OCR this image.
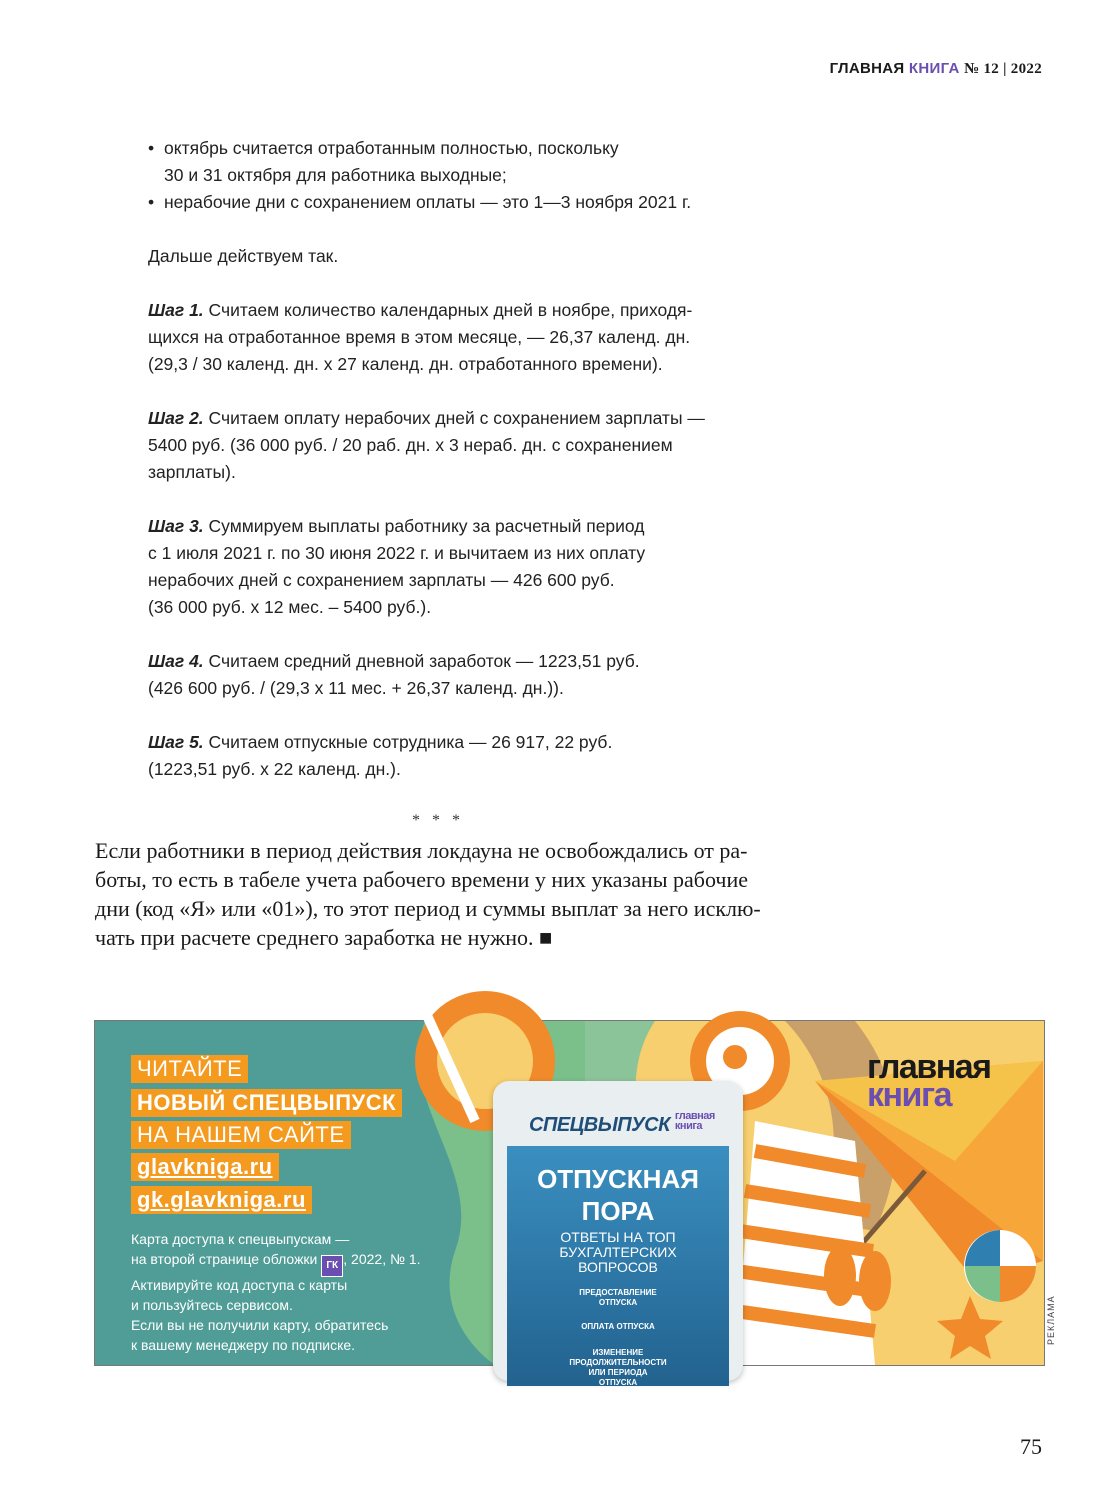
ГЛАВНАЯ КНИГА № 12 | 2022
• октябрь считается отработанным полностью, поскольку
30 и 31 октября для работника выходные;
• нерабочие дни с сохранением оплаты — это 1—3 ноября 2021 г.

Дальше действуем так.

Шаг 1. Считаем количество календарных дней в ноябре, приходя-
щихся на отработанное время в этом месяце, — 26,37 календ. дн.
(29,3 / 30 календ. дн. х 27 календ. дн. отработанного времени).

Шаг 2. Считаем оплату нерабочих дней с сохранением зарплаты —
5400 руб. (36 000 руб. / 20 раб. дн. х 3 нераб. дн. с сохранением
зарплаты).

Шаг 3. Суммируем выплаты работнику за расчетный период
с 1 июля 2021 г. по 30 июня 2022 г. и вычитаем из них оплату
нерабочих дней с сохранением зарплаты — 426 600 руб.
(36 000 руб. х 12 мес. – 5400 руб.).

Шаг 4. Считаем средний дневной заработок — 1223,51 руб.
(426 600 руб. / (29,3 х 11 мес. + 26,37 календ. дн.)).

Шаг 5. Считаем отпускные сотрудника — 26 917, 22 руб.
(1223,51 руб. х 22 календ. дн.).

* * *
Если работники в период действия локдауна не освобождались от ра-
боты, то есть в табеле учета рабочего времени у них указаны рабочие
дни (код «Я» или «01»), то этот период и суммы выплат за него исклю-
чать при расчете среднего заработка не нужно. ■
ЧИТАЙТЕ
НОВЫЙ СПЕЦВЫПУСК
НА НАШЕМ САЙТЕ
glavkniga.ru
gk.glavkniga.ru
Карта доступа к спецвыпускам —
на второй странице обложки ГК , 2022, № 1.
Активируйте код доступа с карты
и пользуйтесь сервисом.
Если вы не получили карту, обратитесь
к вашему менеджеру по подписке.
СПЕЦВЫПУСК главная
книга
ОТПУСКНАЯ
ПОРА
ОТВЕТЫ НА ТОП
БУХГАЛТЕРСКИХ
ВОПРОСОВ
ПРЕДОСТАВЛЕНИЕ
ОТПУСКА
ОПЛАТА ОТПУСКА
ИЗМЕНЕНИЕ
ПРОДОЛЖИТЕЛЬНОСТИ
ИЛИ ПЕРИОДА
ОТПУСКА
главная
книга
РЕКЛАМА
75
